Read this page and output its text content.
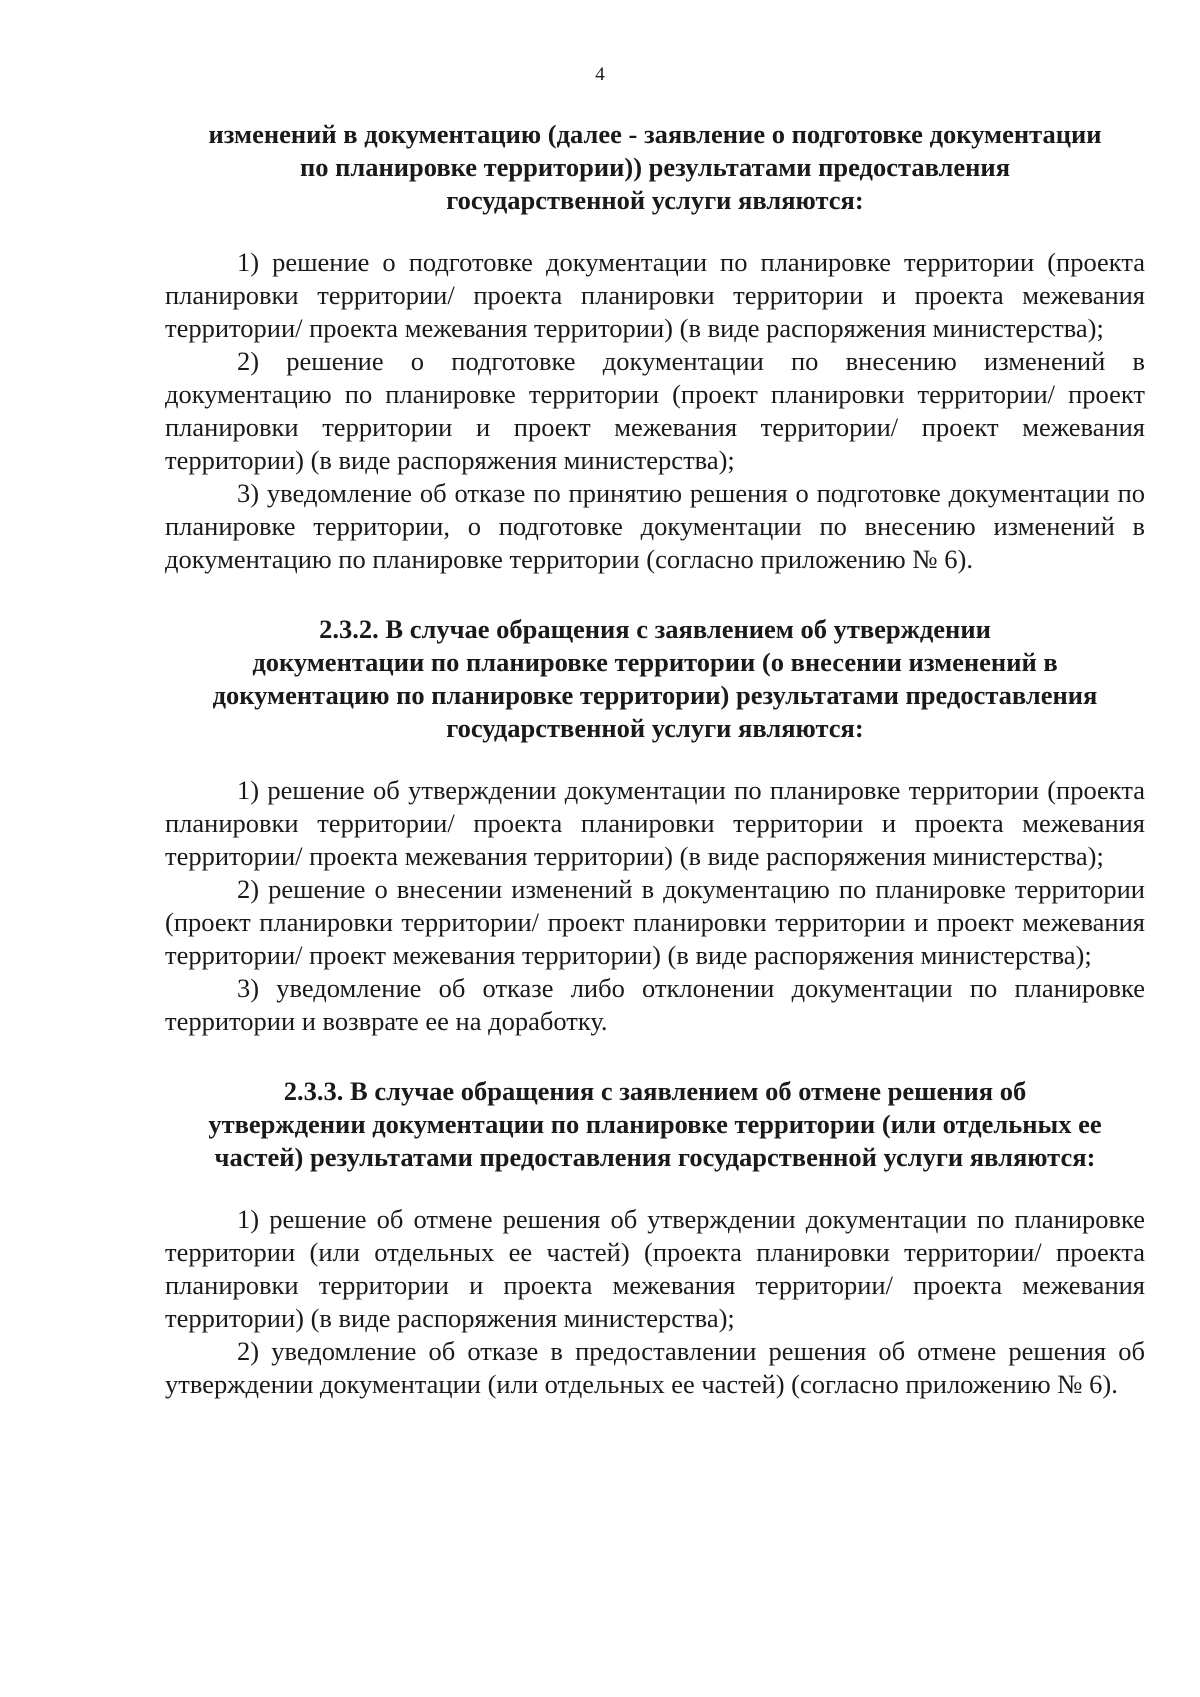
4
изменений в документацию (далее - заявление о подготовке документации
по планировке территории)) результатами предоставления
государственной услуги являются:

1) решение о подготовке документации по планировке территории (проекта планировки территории/ проекта планировки территории и проекта межевания территории/ проекта межевания территории) (в виде распоряжения министерства);

2) решение о подготовке документации по внесению изменений в документацию по планировке территории (проект планировки территории/ проект планировки территории и проект межевания территории/ проект межевания территории) (в виде распоряжения министерства);

3) уведомление об отказе по принятию решения о подготовке документации по планировке территории, о подготовке документации по внесению изменений в документацию по планировке территории (согласно приложению № 6).

2.3.2. В случае обращения с заявлением об утверждении
документации по планировке территории (о внесении изменений в
документацию по планировке территории) результатами предоставления
государственной услуги являются:

1) решение об утверждении документации по планировке территории (проекта планировки территории/ проекта планировки территории и проекта межевания территории/ проекта межевания территории) (в виде распоряжения министерства);

2) решение о внесении изменений в документацию по планировке территории (проект планировки территории/ проект планировки территории и проект межевания территории/ проект межевания территории) (в виде распоряжения министерства);

3) уведомление об отказе либо отклонении документации по планировке территории и возврате ее на доработку.

2.3.3. В случае обращения с заявлением об отмене решения об
утверждении документации по планировке территории (или отдельных ее
частей) результатами предоставления государственной услуги являются:

1) решение об отмене решения об утверждении документации по планировке территории (или отдельных ее частей) (проекта планировки территории/ проекта планировки территории и проекта межевания территории/ проекта межевания территории) (в виде распоряжения министерства);

2) уведомление об отказе в предоставлении решения об отмене решения об утверждении документации (или отдельных ее частей) (согласно приложению № 6).
